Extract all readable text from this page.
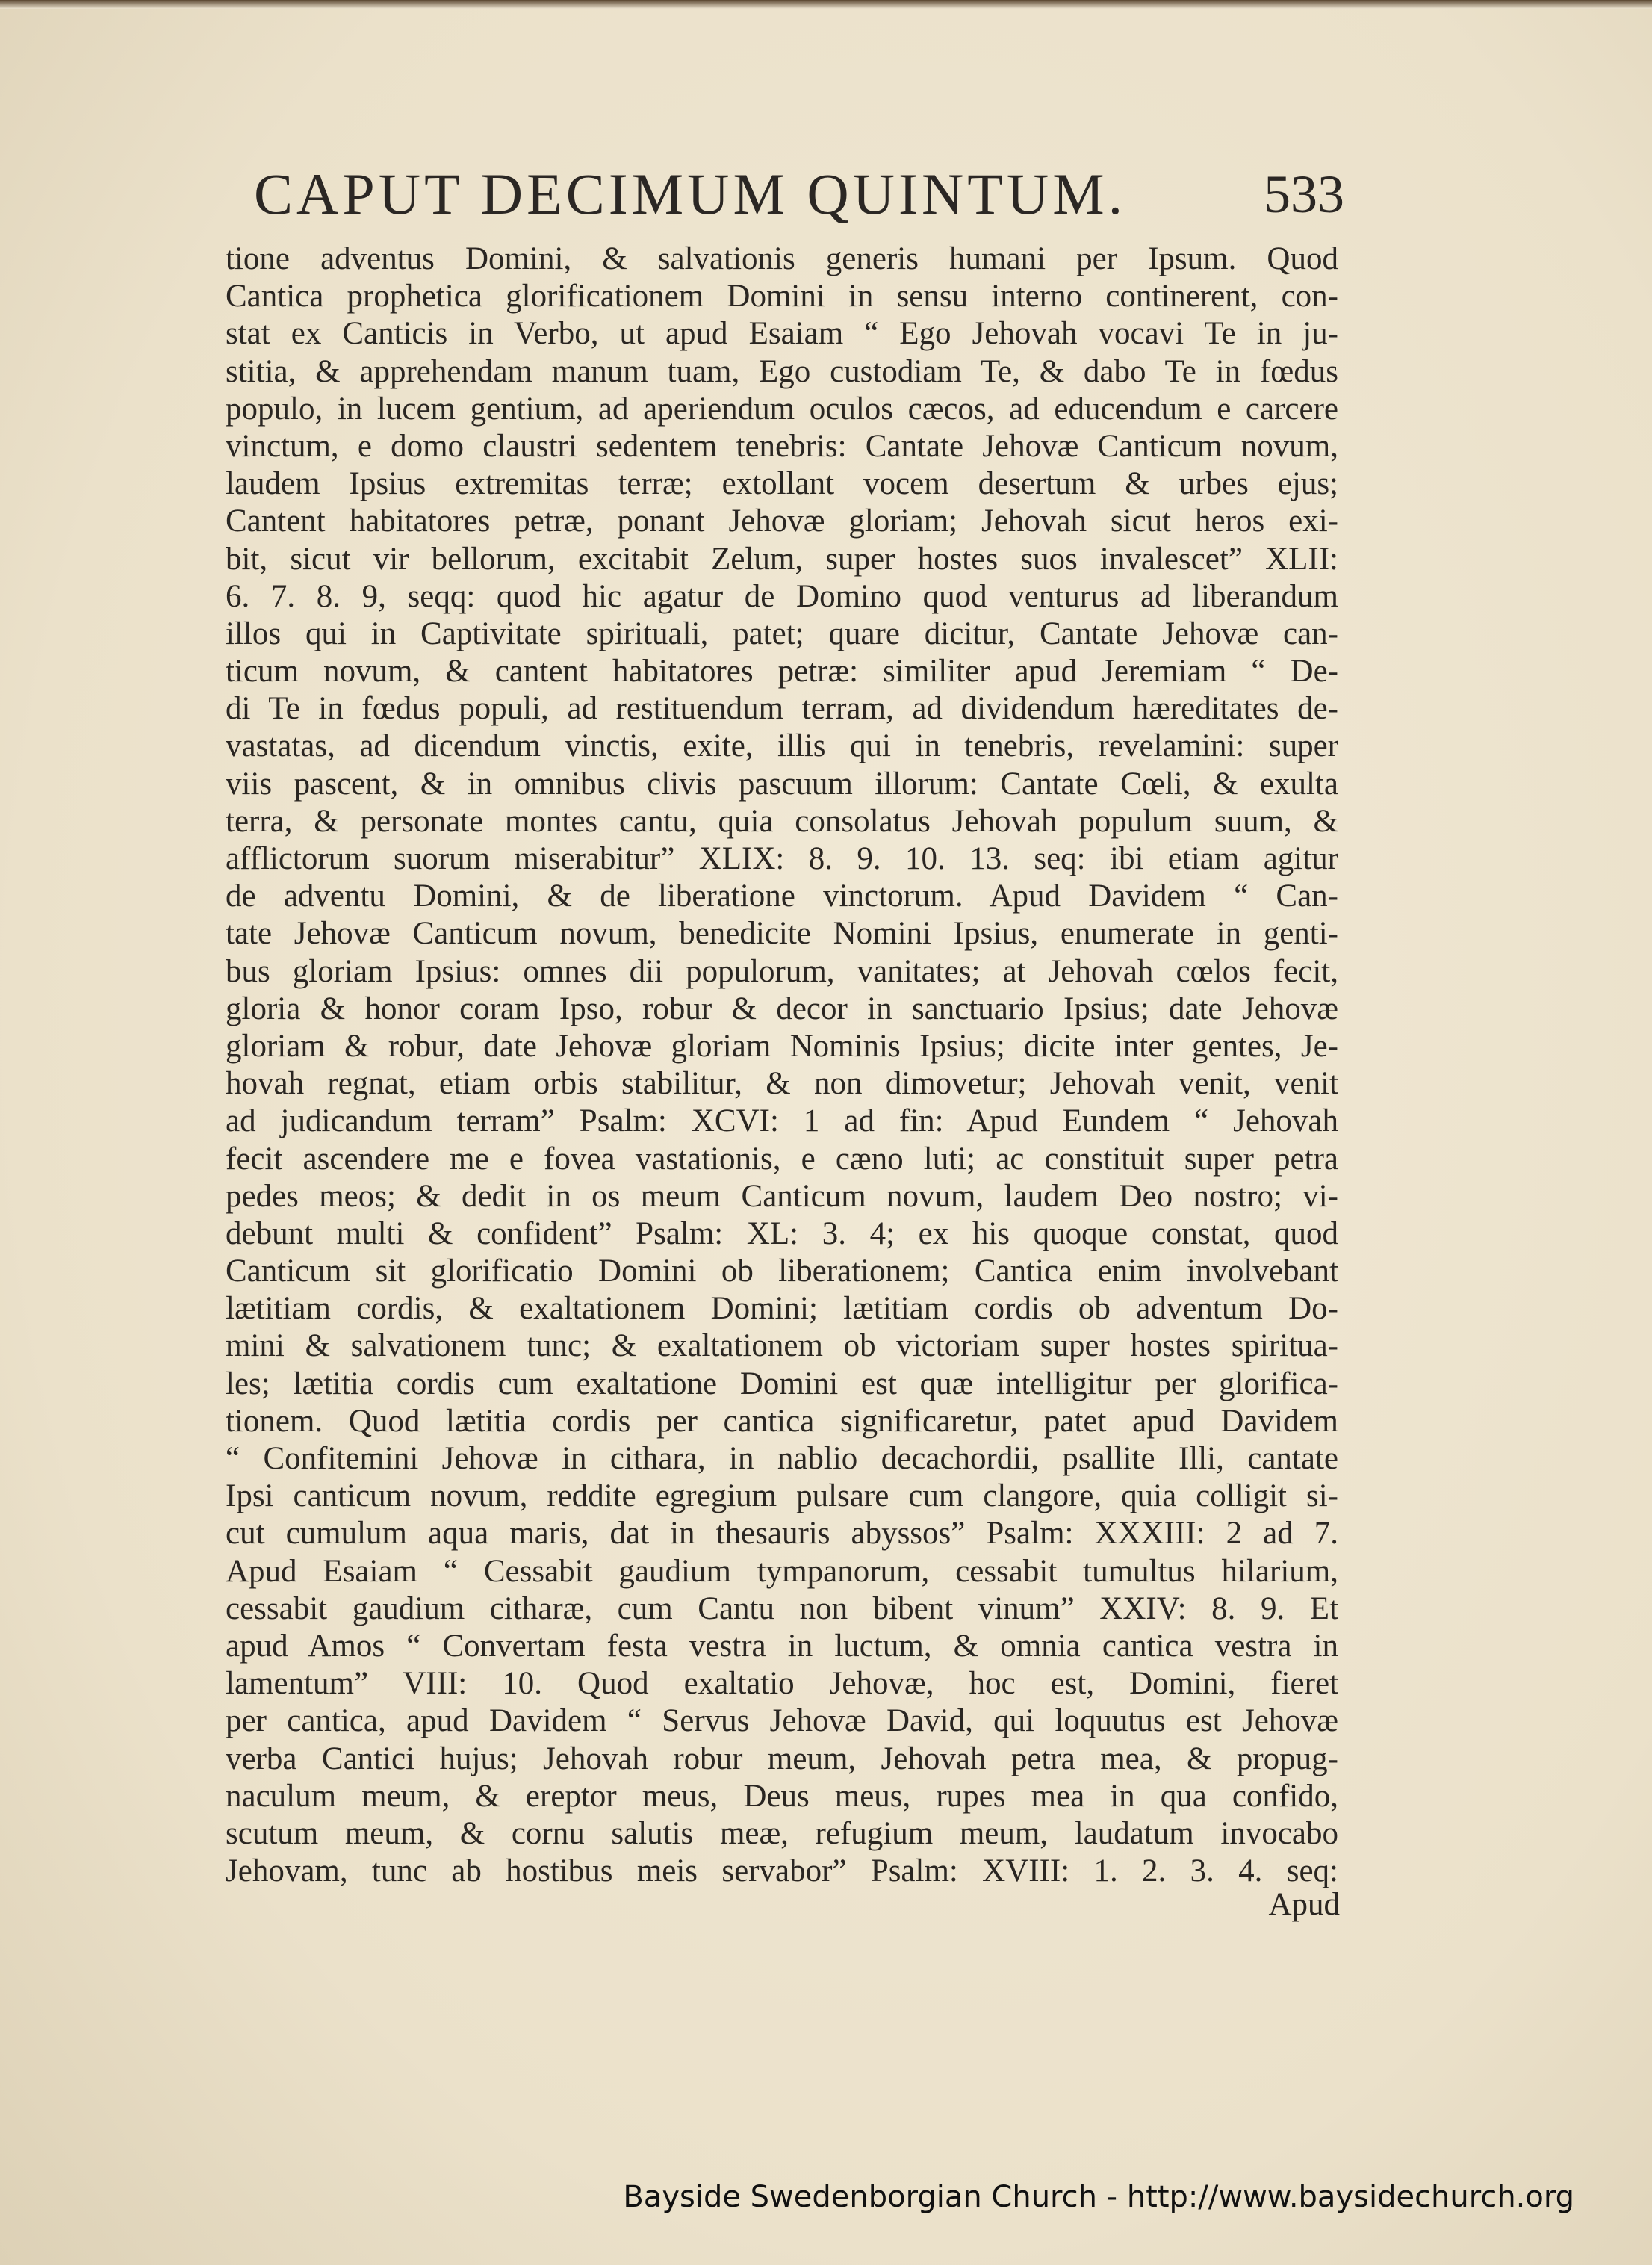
CAPUT DECIMUM QUINTUM.	533
tione adventus Domini, & salvationis generis humani per Ipsum. Quod
Cantica prophetica glorificationem Domini in sensu interno continerent, con-
stat ex Canticis in Verbo, ut apud Esaiam “ Ego Jehovah vocavi Te in ju-
stitia, & apprehendam manum tuam, Ego custodiam Te, & dabo Te in fœdus
populo, in lucem gentium, ad aperiendum oculos cæcos, ad educendum e carcere
vinctum, e domo claustri sedentem tenebris: Cantate Jehovæ Canticum novum,
laudem Ipsius extremitas terræ; extollant vocem desertum & urbes ejus;
Cantent habitatores petræ, ponant Jehovæ gloriam; Jehovah sicut heros exi-
bit, sicut vir bellorum, excitabit Zelum, super hostes suos invalescet” XLII:
6. 7. 8. 9, seqq: quod hic agatur de Domino quod venturus ad liberandum
illos qui in Captivitate spirituali, patet; quare dicitur, Cantate Jehovæ can-
ticum novum, & cantent habitatores petræ: similiter apud Jeremiam “ De-
di Te in fœdus populi, ad restituendum terram, ad dividendum hæreditates de-
vastatas, ad dicendum vinctis, exite, illis qui in tenebris, revelamini: super
viis pascent, & in omnibus clivis pascuum illorum: Cantate Cœli, & exulta
terra, & personate montes cantu, quia consolatus Jehovah populum suum, &
afflictorum suorum miserabitur” XLIX: 8. 9. 10. 13. seq: ibi etiam agitur
de adventu Domini, & de liberatione vinctorum. Apud Davidem “ Can-
tate Jehovæ Canticum novum, benedicite Nomini Ipsius, enumerate in genti-
bus gloriam Ipsius: omnes dii populorum, vanitates; at Jehovah cœlos fecit,
gloria & honor coram Ipso, robur & decor in sanctuario Ipsius; date Jehovæ
gloriam & robur, date Jehovæ gloriam Nominis Ipsius; dicite inter gentes, Je-
hovah regnat, etiam orbis stabilitur, & non dimovetur; Jehovah venit, venit
ad judicandum terram” Psalm: XCVI: 1 ad fin: Apud Eundem “ Jehovah
fecit ascendere me e fovea vastationis, e cæno luti; ac constituit super petra
pedes meos; & dedit in os meum Canticum novum, laudem Deo nostro; vi-
debunt multi & confident” Psalm: XL: 3. 4; ex his quoque constat, quod
Canticum sit glorificatio Domini ob liberationem; Cantica enim involvebant
lætitiam cordis, & exaltationem Domini; lætitiam cordis ob adventum Do-
mini & salvationem tunc; & exaltationem ob victoriam super hostes spiritua-
les; lætitia cordis cum exaltatione Domini est quæ intelligitur per glorifica-
tionem. Quod lætitia cordis per cantica significaretur, patet apud Davidem
“ Confitemini Jehovæ in cithara, in nablio decachordii, psallite Illi, cantate
Ipsi canticum novum, reddite egregium pulsare cum clangore, quia colligit si-
cut cumulum aqua maris, dat in thesauris abyssos” Psalm: XXXIII: 2 ad 7.
Apud Esaiam “ Cessabit gaudium tympanorum, cessabit tumultus hilarium,
cessabit gaudium citharæ, cum Cantu non bibent vinum” XXIV: 8. 9. Et
apud Amos “ Convertam festa vestra in luctum, & omnia cantica vestra in
lamentum” VIII: 10. Quod exaltatio Jehovæ, hoc est, Domini, fieret
per cantica, apud Davidem “ Servus Jehovæ David, qui loquutus est Jehovæ
verba Cantici hujus; Jehovah robur meum, Jehovah petra mea, & propug-
naculum meum, & ereptor meus, Deus meus, rupes mea in qua confido,
scutum meum, & cornu salutis meæ, refugium meum, laudatum invocabo
Jehovam, tunc ab hostibus meis servabor” Psalm: XVIII: 1. 2. 3. 4. seq:
Apud
Bayside Swedenborgian Church - http://www.baysidechurch.org
